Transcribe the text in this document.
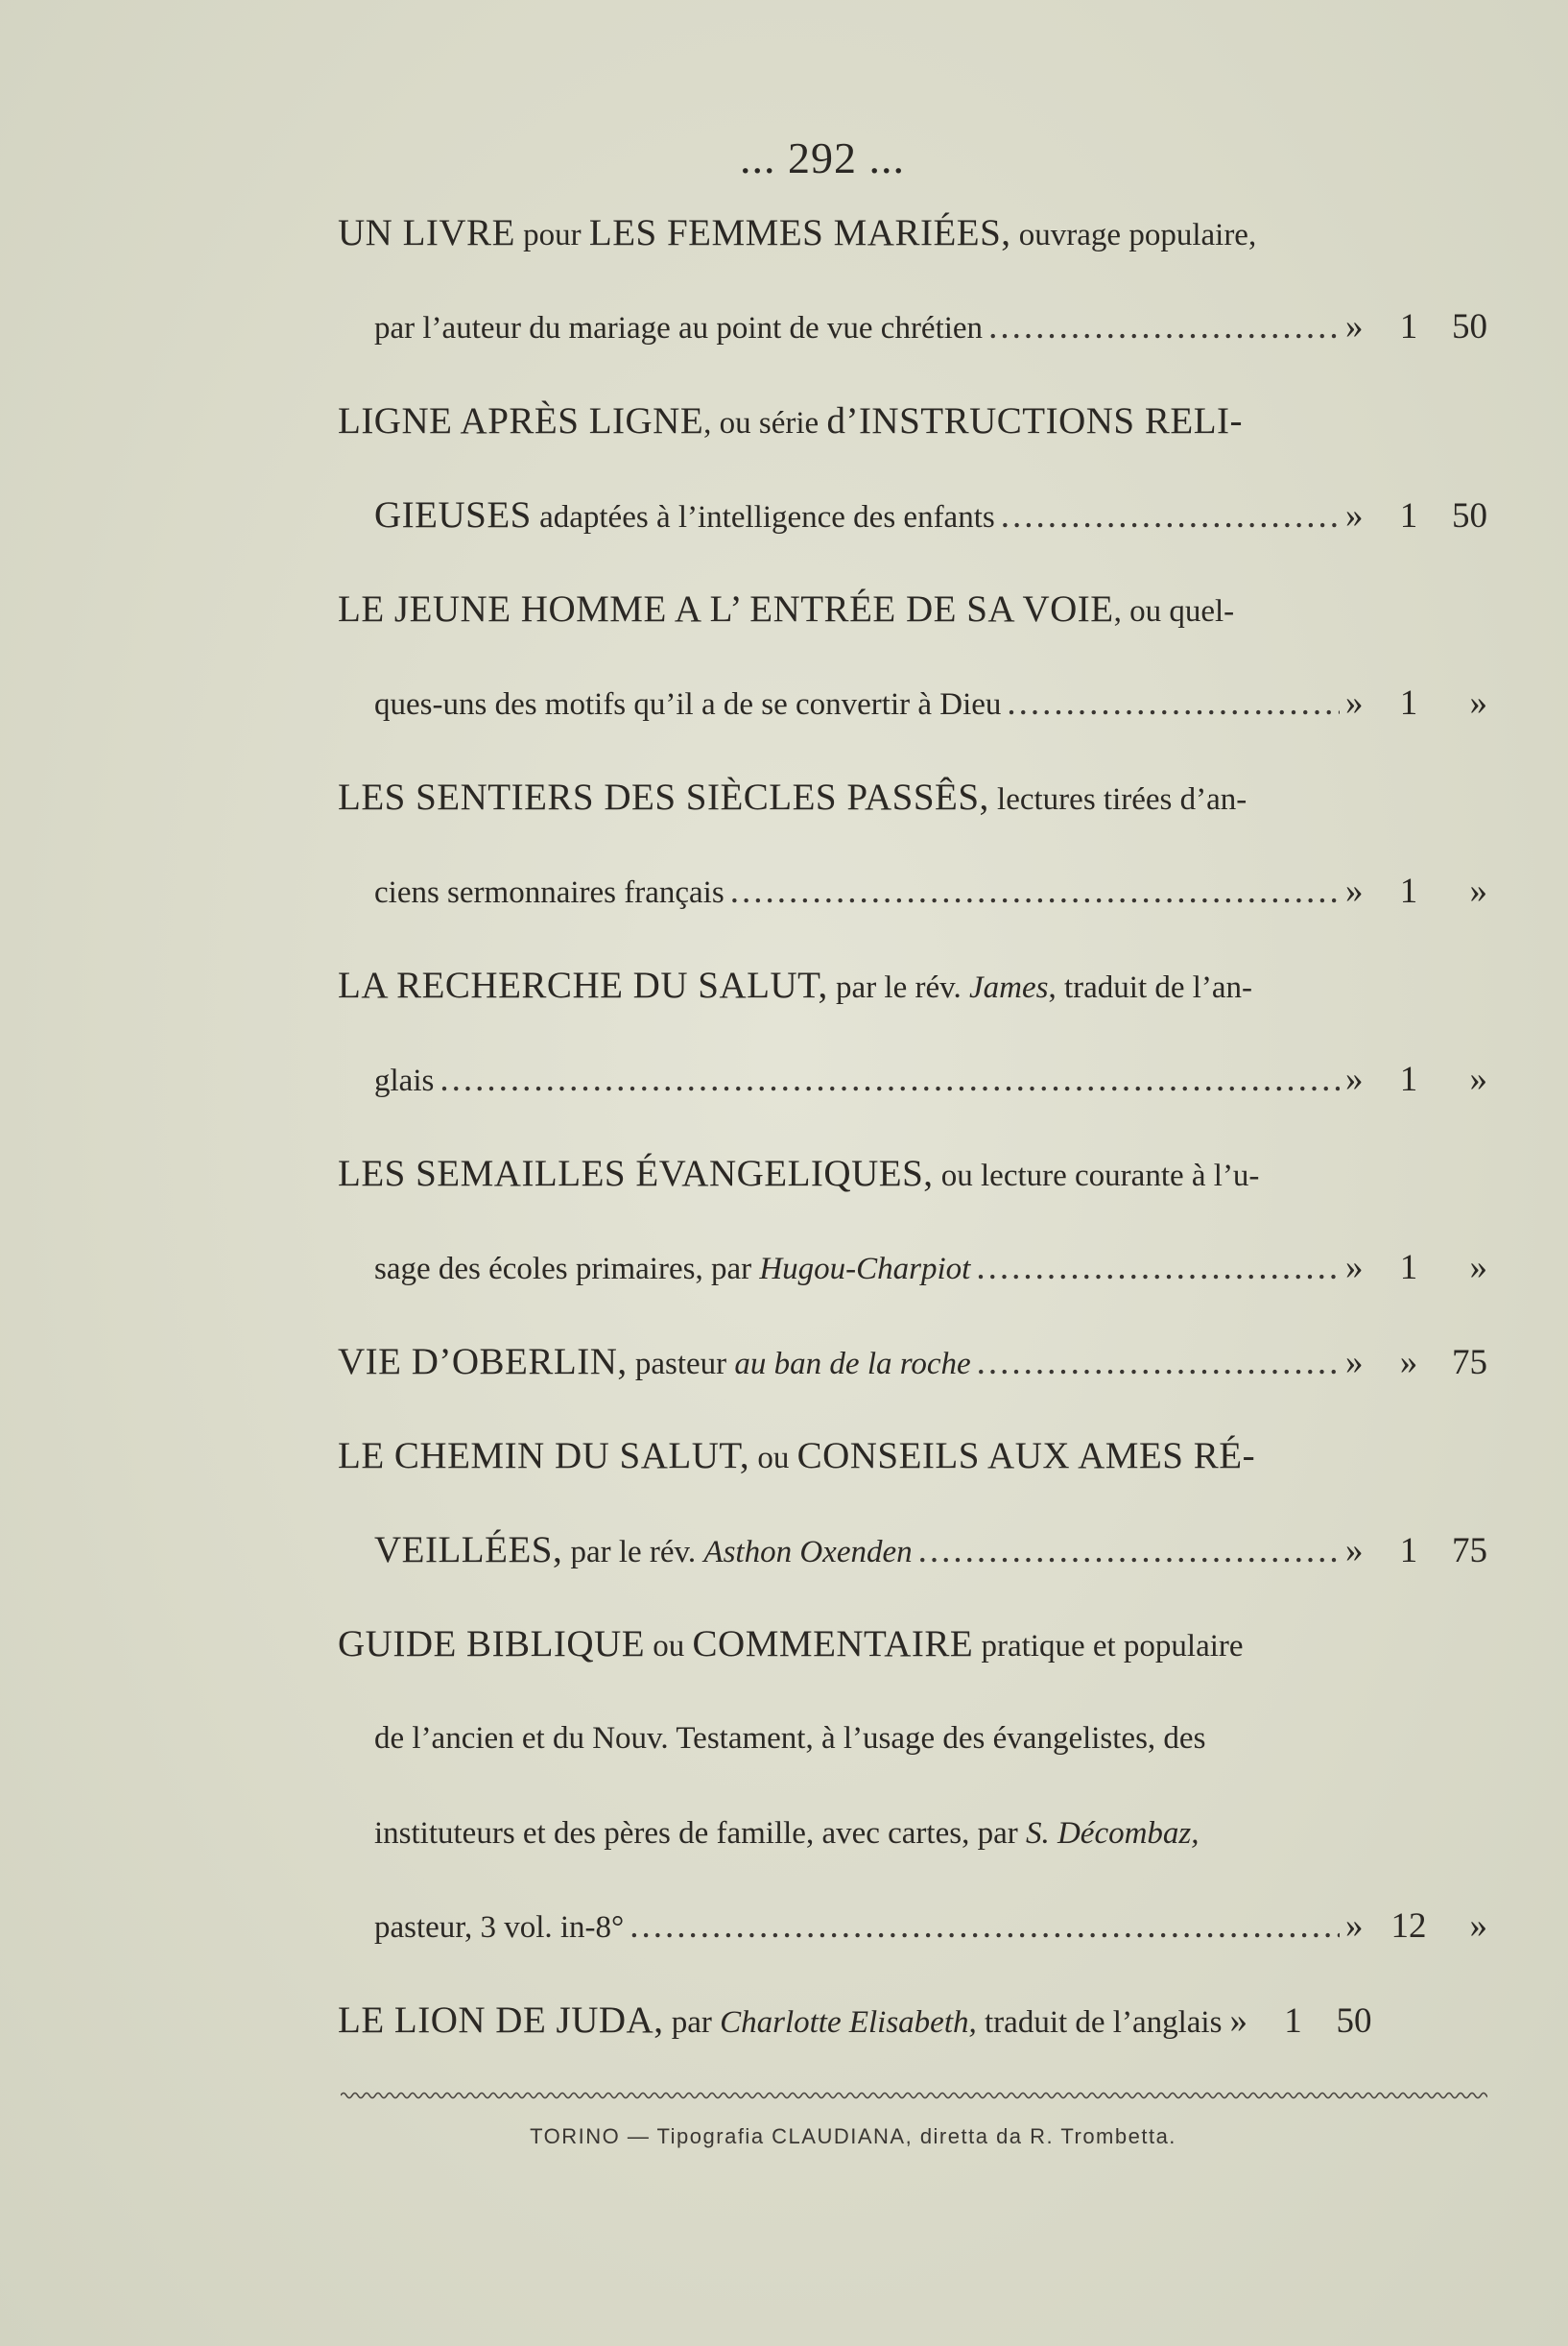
... 292 ...
UN LIVRE pour LES FEMMES MARIÉES, ouvrage populaire,
par l’auteur du mariage au point de vue chrétien .....	»	1 50
LIGNE APRÈS LIGNE, ou série d’INSTRUCTIONS RELI-
GIEUSES adaptées à l’intelligence des enfants .....	»	1 50
LE JEUNE HOMME A L’ ENTRÉE DE SA VOIE, ou quel-
ques-uns des motifs qu’il a de se convertir à Dieu .....	»	1	»
LES SENTIERS DES SIÈCLES PASSÊS, lectures tirées d’an-
ciens sermonnaires français .....	»	1	»
LA RECHERCHE DU SALUT, par le rév. James, traduit de l’an-
glais .....	»	1	»
LES SEMAILLES ÉVANGELIQUES, ou lecture courante à l’u-
sage des écoles primaires, par Hugou-Charpiot .....	»	1	»
VIE D’OBERLIN, pasteur au ban de la roche .....	»	» 75
LE CHEMIN DU SALUT, ou CONSEILS AUX AMES RÉ-
VEILLÉES, par le rév. Asthon Oxenden .....	»	1 75
GUIDE BIBLIQUE ou COMMENTAIRE pratique et populaire
de l’ancien et du Nouv. Testament, à l’usage des évangelistes, des
instituteurs et des pères de famille, avec cartes, par S. Décombaz,
pasteur, 3 vol. in-8° .....	» 12	»
LE LION DE JUDA, par Charlotte Elisabeth, traduit de l’anglais »	1 50
TORINO — Tipografia CLAUDIANA, diretta da R. Trombetta.
